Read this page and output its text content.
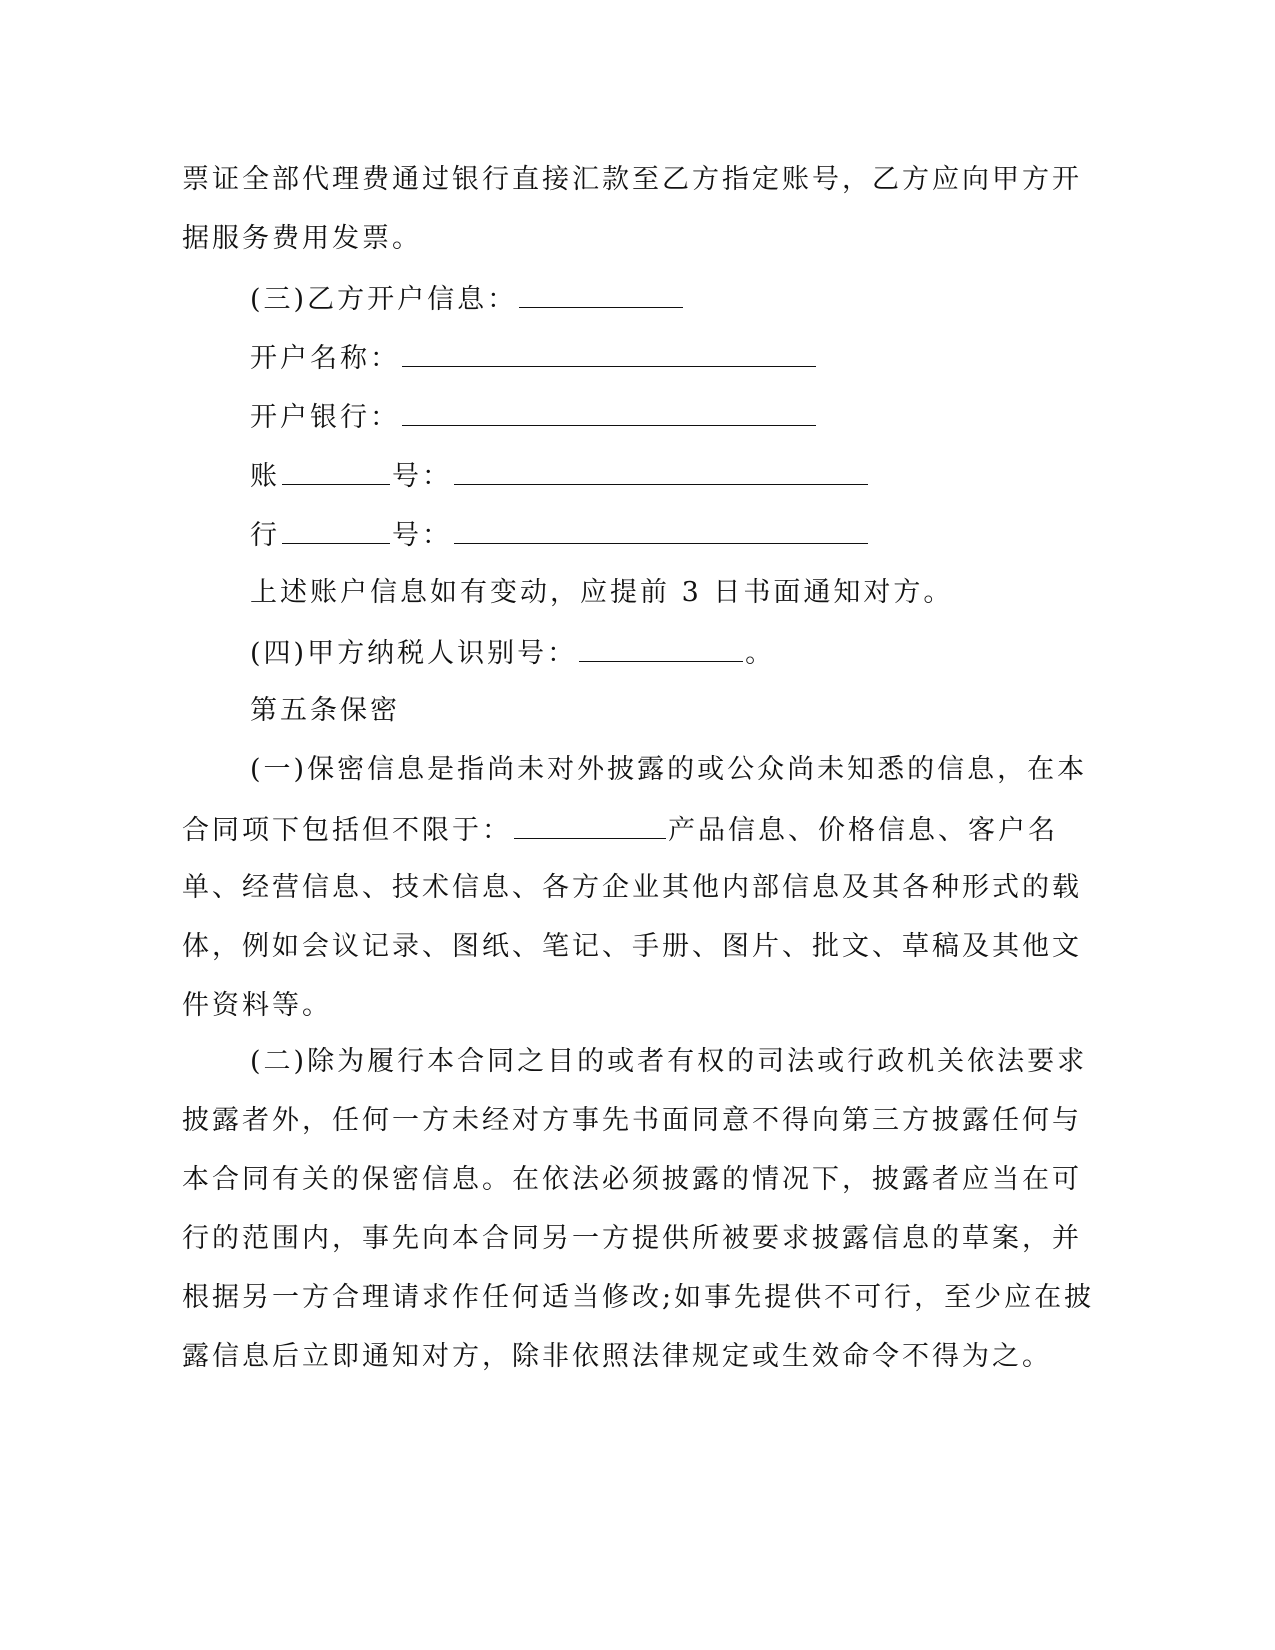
票证全部代理费通过银行直接汇款至乙方指定账号，乙方应向甲方开
据服务费用发票。
(三)乙方开户信息：
开户名称：
开户银行：
账	号：
行	号：
上述账户信息如有变动，应提前 3 日书面通知对方。
(四)甲方纳税人识别号：	。
第五条保密
(一)保密信息是指尚未对外披露的或公众尚未知悉的信息，在本
合同项下包括但不限于：	产品信息、价格信息、客户名
单、经营信息、技术信息、各方企业其他内部信息及其各种形式的载
体，例如会议记录、图纸、笔记、手册、图片、批文、草稿及其他文
件资料等。
(二)除为履行本合同之目的或者有权的司法或行政机关依法要求
披露者外，任何一方未经对方事先书面同意不得向第三方披露任何与
本合同有关的保密信息。在依法必须披露的情况下，披露者应当在可
行的范围内，事先向本合同另一方提供所被要求披露信息的草案，并
根据另一方合理请求作任何适当修改;如事先提供不可行，至少应在披
露信息后立即通知对方，除非依照法律规定或生效命令不得为之。
